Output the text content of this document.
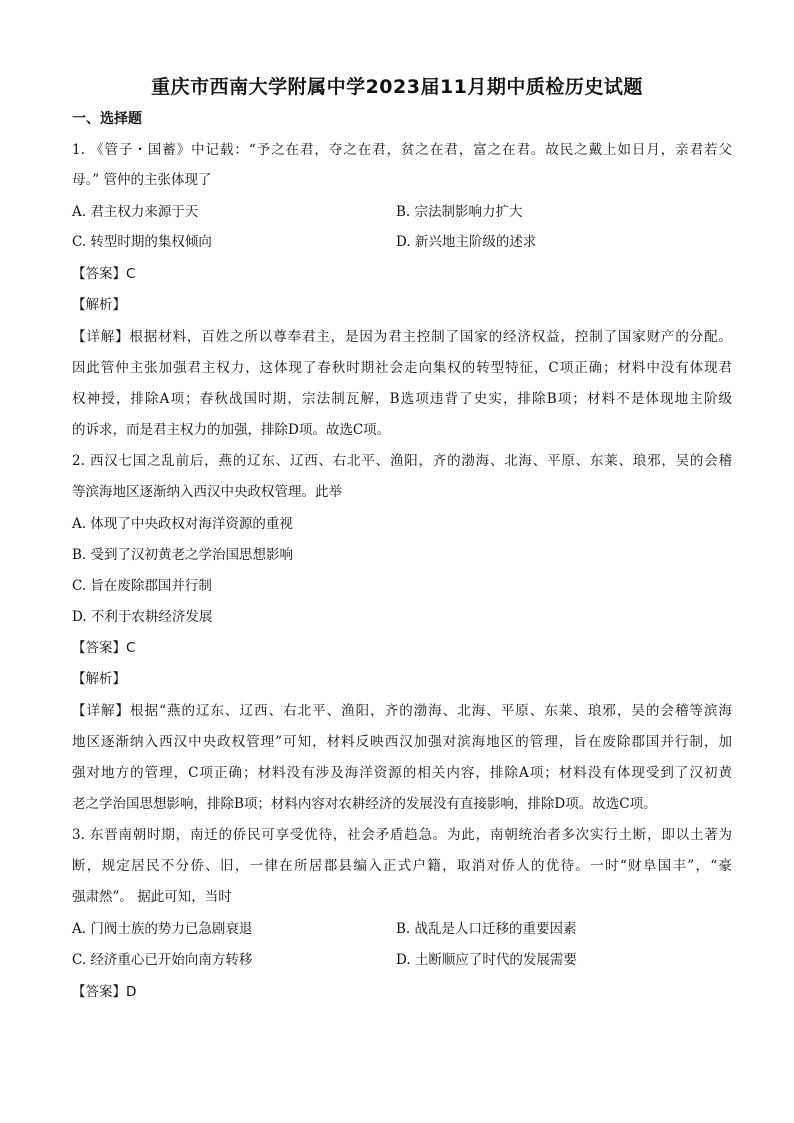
重庆市西南大学附属中学2023届11月期中质检历史试题
一、选择题
1. 《管子・国蓄》中记载：“予之在君，夺之在君，贫之在君，富之在君。故民之戴上如日月，亲君若父
母。” 管仲的主张体现了
A. 君主权力来源于天	B. 宗法制影响力扩大
C. 转型时期的集权倾向	D. 新兴地主阶级的述求
【答案】C
【解析】
【详解】根据材料，百姓之所以尊奉君主，是因为君主控制了国家的经济权益，控制了国家财产的分配。
因此管仲主张加强君主权力，这体现了春秋时期社会走向集权的转型特征，C项正确；材料中没有体现君
权神授，排除A项；春秋战国时期，宗法制瓦解，B选项违背了史实，排除B项；材料不是体现地主阶级
的诉求，而是君主权力的加强，排除D项。故选C项。
2. 西汉七国之乱前后，燕的辽东、辽西、右北平、渔阳，齐的渤海、北海、平原、东莱、琅邪，吴的会稽
等滨海地区逐渐纳入西汉中央政权管理。此举
A. 体现了中央政权对海洋资源的重视
B. 受到了汉初黄老之学治国思想影响
C. 旨在废除郡国并行制
D. 不利于农耕经济发展
【答案】C
【解析】
【详解】根据“燕的辽东、辽西、右北平、渔阳，齐的渤海、北海、平原、东莱、琅邪，吴的会稽等滨海
地区逐渐纳入西汉中央政权管理”可知，材料反映西汉加强对滨海地区的管理，旨在废除郡国并行制，加
强对地方的管理，C项正确；材料没有涉及海洋资源的相关内容，排除A项；材料没有体现受到了汉初黄
老之学治国思想影响，排除B项；材料内容对农耕经济的发展没有直接影响，排除D项。故选C项。
3. 东晋南朝时期，南迁的侨民可享受优待，社会矛盾趋急。为此，南朝统治者多次实行土断，即以土著为
断，规定居民不分侨、旧，一律在所居郡县编入正式户籍，取消对侨人的优待。一时“财阜国丰”，“豪
强肃然”。 据此可知，当时
A. 门阀士族的势力已急剧衰退	B. 战乱是人口迁移的重要因素
C. 经济重心已开始向南方转移	D. 土断顺应了时代的发展需要
【答案】D
